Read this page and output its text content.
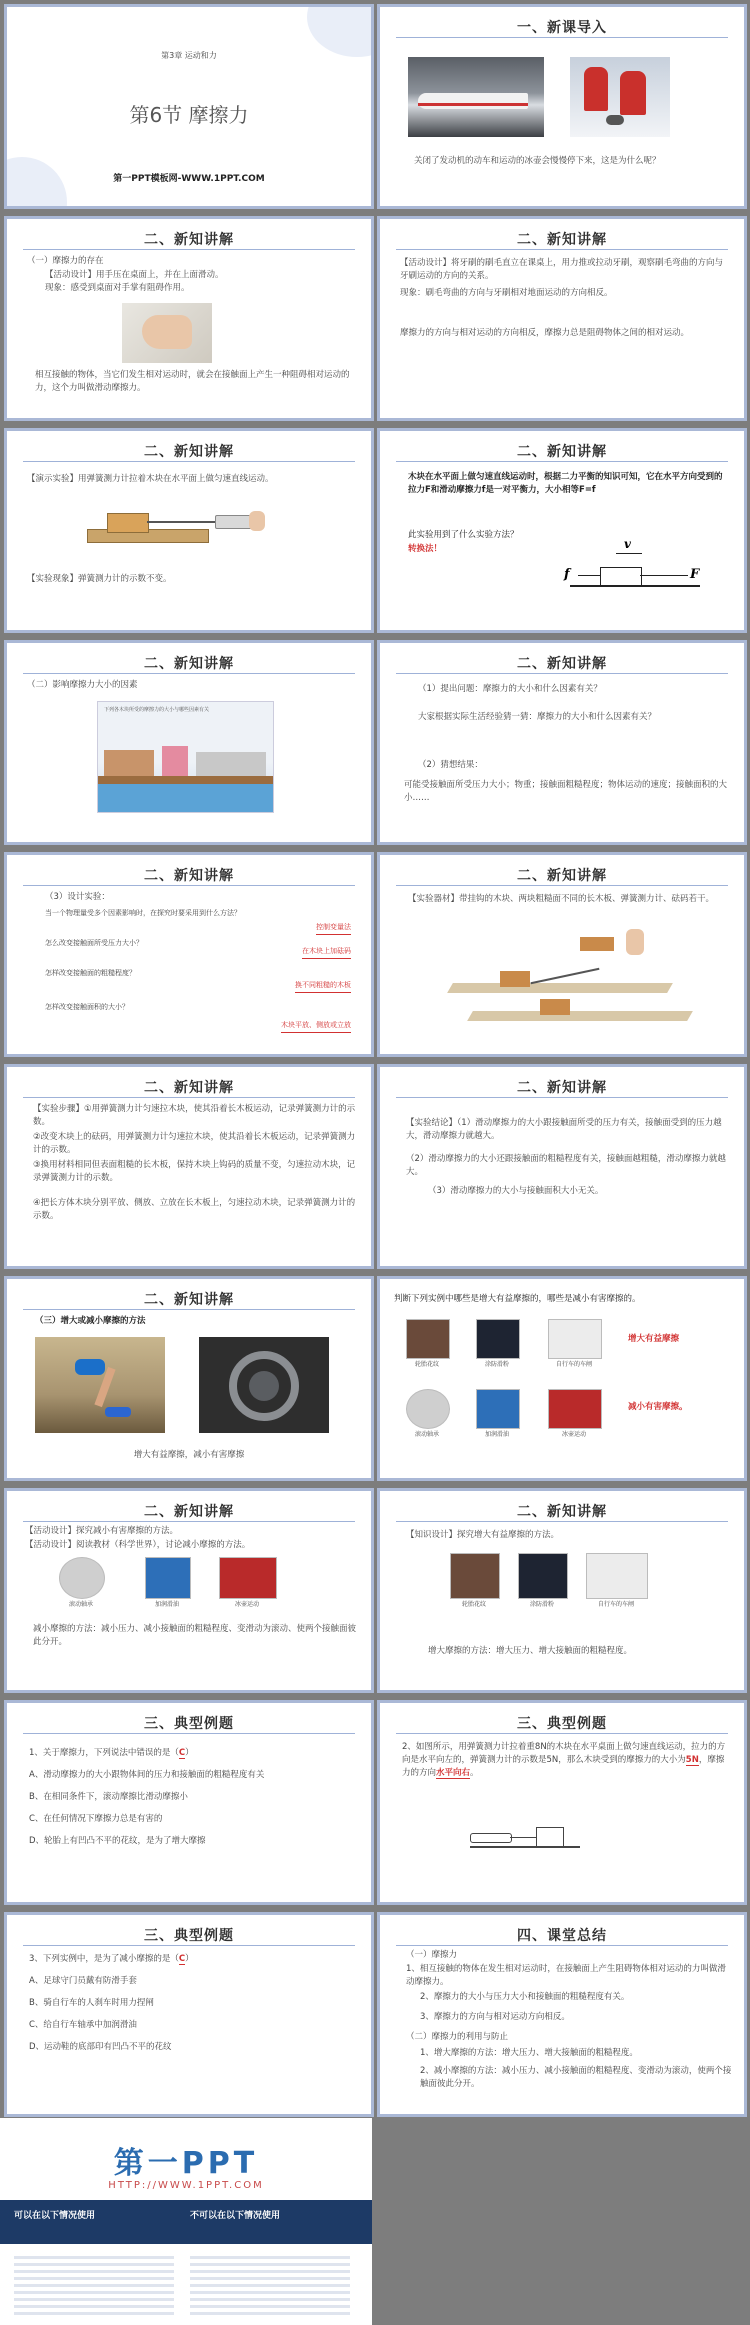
第3章 运动和力
第6节 摩擦力
第一PPT模板网-WWW.1PPT.COM
一、新课导入
关闭了发动机的动车和运动的冰壶会慢慢停下来，这是为什么呢？
二、新知讲解
（一）摩擦力的存在
【活动设计】用手压在桌面上，并在上面滑动。
现象：感受到桌面对手掌有阻碍作用。
相互接触的物体，当它们发生相对运动时，就会在接触面上产生一种阻碍相对运动的力，这个力叫做滑动摩擦力。
二、新知讲解
【活动设计】将牙刷的刷毛直立在课桌上，用力推或拉动牙刷，观察刷毛弯曲的方向与牙刷运动的方向的关系。
现象：刷毛弯曲的方向与牙刷相对地面运动的方向相反。
摩擦力的方向与相对运动的方向相反，摩擦力总是阻碍物体之间的相对运动。
二、新知讲解
【演示实验】用弹簧测力计拉着木块在水平面上做匀速直线运动。
【实验现象】弹簧测力计的示数不变。
二、新知讲解
木块在水平面上做匀速直线运动时，根据二力平衡的知识可知，它在水平方向受到的拉力F和滑动摩擦力f是一对平衡力，大小相等F=f
此实验用到了什么实验方法？
转换法！
f	F
v
二、新知讲解
（二）影响摩擦力大小的因素
下列各木块所受的摩擦力的大小与哪些因素有关
二、新知讲解
（1）提出问题：摩擦力的大小和什么因素有关？
大家根据实际生活经验猜一猜：摩擦力的大小和什么因素有关？
（2）猜想结果：
可能受接触面所受压力大小；物重；接触面粗糙程度；物体运动的速度；接触面积的大小……
二、新知讲解
（3）设计实验：
当一个物理量受多个因素影响时，在探究时要采用到什么方法？
控制变量法
怎么改变接触面所受压力大小？
在木块上加砝码
怎样改变接触面的粗糙程度？
换不同粗糙的木板
怎样改变接触面积的大小？
木块平放、侧放或立放
二、新知讲解
【实验器材】带挂钩的木块、两块粗糙面不同的长木板、弹簧测力计、砝码若干。
二、新知讲解
【实验步骤】①用弹簧测力计匀速拉木块，使其沿着长木板运动，记录弹簧测力计的示数。
②改变木块上的砝码，用弹簧测力计匀速拉木块，使其沿着长木板运动，记录弹簧测力计的示数。
③换用材料相同但表面粗糙的长木板，保持木块上钩码的质量不变，匀速拉动木块，记录弹簧测力计的示数。
④把长方体木块分别平放、侧放、立放在长木板上，匀速拉动木块，记录弹簧测力计的示数。
二、新知讲解
【实验结论】（1）滑动摩擦力的大小跟接触面所受的压力有关，接触面受到的压力越大，滑动摩擦力就越大。
（2）滑动摩擦力的大小还跟接触面的粗糙程度有关，接触面越粗糙，滑动摩擦力就越大。
（3）滑动摩擦力的大小与接触面积大小无关。
二、新知讲解
（三）增大或减小摩擦的方法
增大有益摩擦，减小有害摩擦
判断下列实例中哪些是增大有益摩擦的，哪些是减小有害摩擦的。
轮胎花纹	涂防滑粉	自行车的车闸
增大有益摩擦
滚动轴承	加润滑油	冰壶运动
减小有害摩擦。
二、新知讲解
【活动设计】探究减小有害摩擦的方法。
【活动设计】阅读教材（科学世界），讨论减小摩擦的方法。
滚动轴承	加润滑油	冰壶运动
减小摩擦的方法：减小压力、减小接触面的粗糙程度、变滑动为滚动、使两个接触面彼此分开。
二、新知讲解
【知识设计】探究增大有益摩擦的方法。
轮胎花纹	涂防滑粉	自行车的车闸
增大摩擦的方法：增大压力、增大接触面的粗糙程度。
三、典型例题
1、关于摩擦力，下列说法中错误的是（C）
A、滑动摩擦力的大小跟物体间的压力和接触面的粗糙程度有关
B、在相同条件下，滚动摩擦比滑动摩擦小
C、在任何情况下摩擦力总是有害的
D、轮胎上有凹凸不平的花纹，是为了增大摩擦
三、典型例题
2、如图所示，用弹簧测力计拉着重8N的木块在水平桌面上做匀速直线运动，拉力的方向是水平向左的，弹簧测力计的示数是5N，那么木块受到的摩擦力的大小为5N，摩擦力的方向水平向右。
三、典型例题
3、下列实例中，是为了减小摩擦的是（C）
A、足球守门员戴有防滑手套
B、骑自行车的人刹车时用力捏闸
C、给自行车轴承中加润滑油
D、运动鞋的底部印有凹凸不平的花纹
四、课堂总结
（一）摩擦力
1、相互接触的物体在发生相对运动时，在接触面上产生阻碍物体相对运动的力叫做滑动摩擦力。
2、摩擦力的大小与压力大小和接触面的粗糙程度有关。
3、摩擦力的方向与相对运动方向相反。
（二）摩擦力的利用与防止
1、增大摩擦的方法：增大压力、增大接触面的粗糙程度。
2、减小摩擦的方法：减小压力、减小接触面的粗糙程度、变滑动为滚动，使两个接触面彼此分开。
第一PPT
HTTP://WWW.1PPT.COM
可以在以下情况使用	不可以在以下情况使用
